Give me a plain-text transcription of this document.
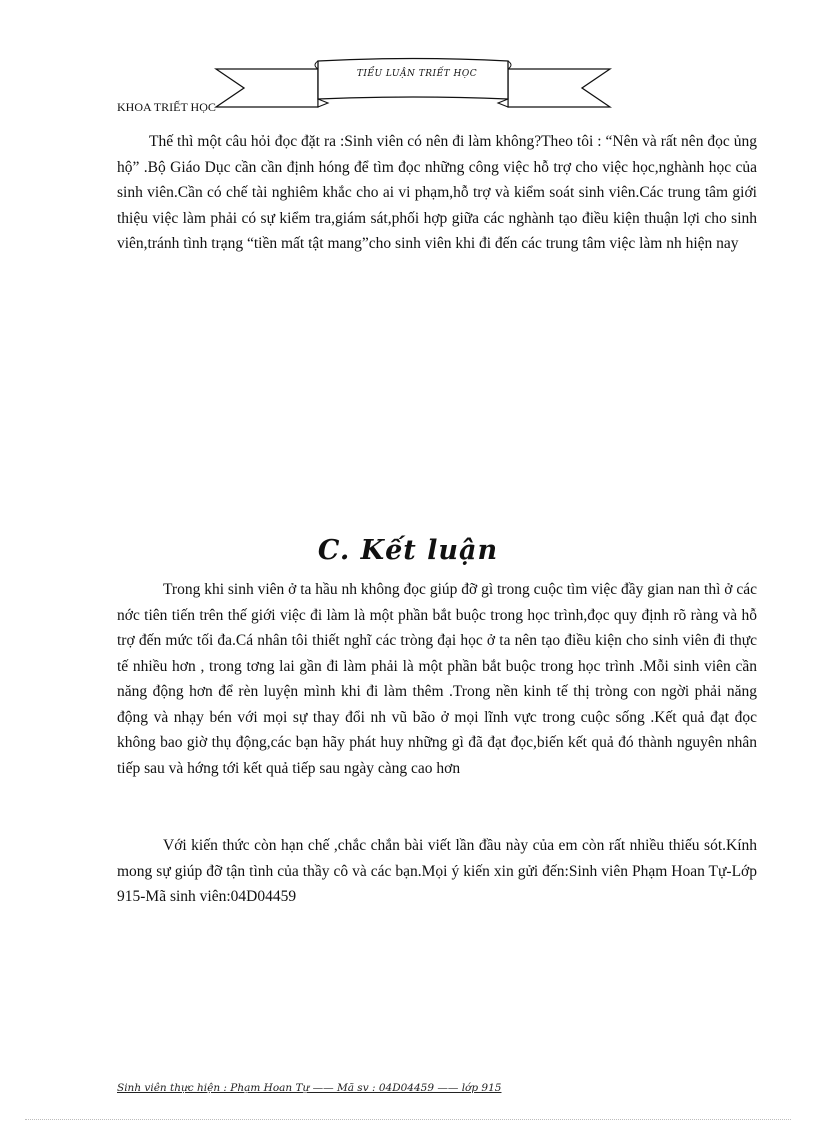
TIỂU LUẬN TRIẾT HỌC
KHOA TRIẾT HỌC

Thế thì một câu hỏi đọc đặt ra :Sinh viên có nên đi làm không?Theo tôi : “Nên và rất nên đọc ủng hộ” .Bộ Giáo Dục cần cần định hóng để tìm đọc những công việc hỗ trợ cho việc học,nghành học của sinh viên.Cần có chế tài nghiêm khắc cho ai vi phạm,hỗ trợ và kiểm soát sinh viên.Các trung tâm giới thiệu việc làm phải có sự kiểm tra,giám sát,phối hợp giữa các nghành tạo điều kiện thuận lợi cho sinh viên,tránh tình trạng “tiền mất tật mang”cho sinh viên khi đi đến các trung tâm việc làm nh hiện nay

C. Kết luận

Trong khi sinh viên ở ta hầu nh không đọc giúp đỡ gì trong cuộc tìm việc đầy gian nan thì ở các nớc tiên tiến trên thế giới việc đi làm là một phần bắt buộc trong học trình,đọc quy định rõ ràng và hỗ trợ đến mức tối đa.Cá nhân tôi thiết nghĩ các tròng đại học ở ta nên tạo điều kiện cho sinh viên đi thực tế nhiều hơn , trong tơng lai gần đi làm phải là một phần bắt buộc trong học trình .Mỗi sinh viên cần năng động hơn để rèn luyện mình khi đi làm thêm .Trong nền kinh tế thị tròng con ngời phải năng động và nhạy bén với mọi sự thay đổi nh vũ bão ở mọi lĩnh vực trong cuộc sống .Kết quả đạt đọc không bao giờ thụ động,các bạn hãy phát huy những gì đã đạt đọc,biến kết quả đó thành nguyên nhân tiếp sau và hớng tới kết quả tiếp sau ngày càng cao hơn

Với kiến thức còn hạn chế ,chắc chắn bài viết lần đầu này của em còn rất nhiều thiếu sót.Kính mong sự giúp đỡ tận tình của thầy cô và các bạn.Mọi ý kiến xin gửi đến:Sinh viên Phạm Hoan Tự-Lớp 915-Mã sinh viên:04D04459

Sinh viên thực hiện : Phạm Hoan Tự —— Mã sv : 04D04459 —— lớp 915
